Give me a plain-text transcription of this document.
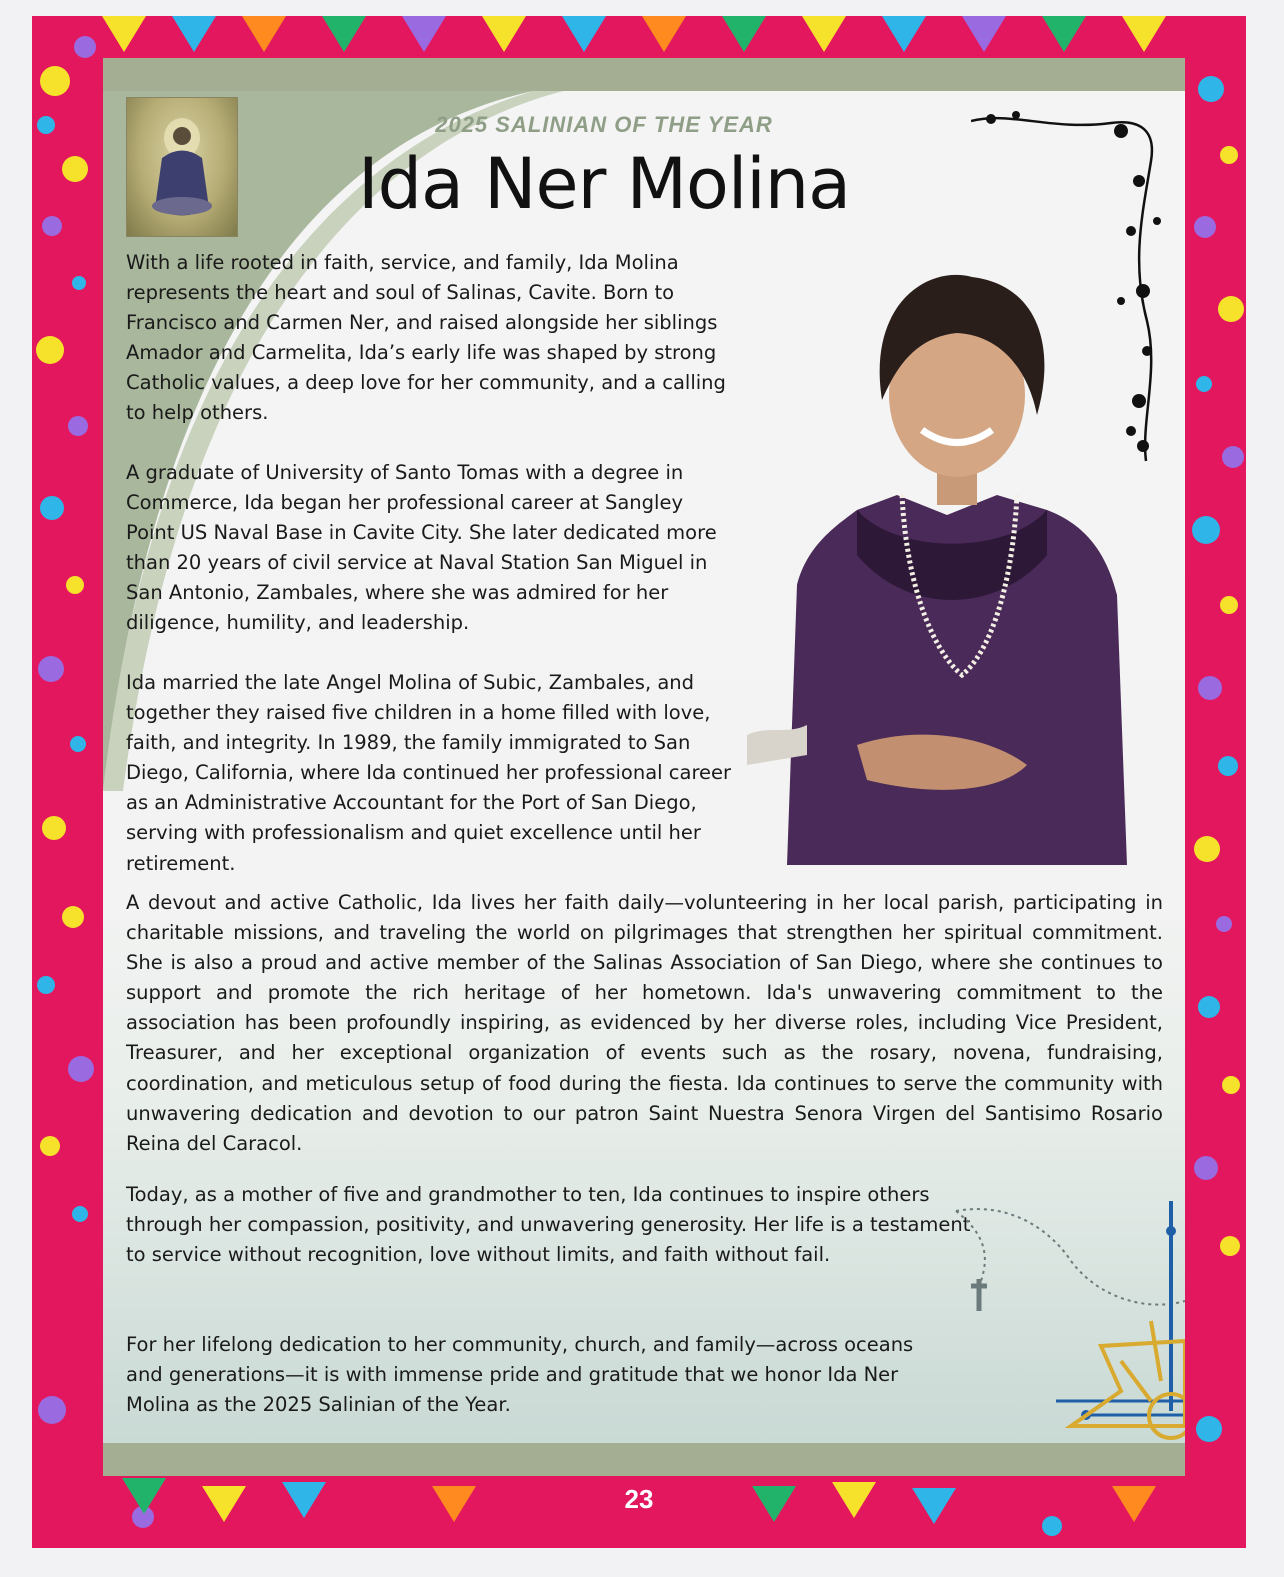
2025 SALINIAN OF THE YEAR
Ida Ner Molina

With a life rooted in faith, service, and family, Ida Molina represents the heart and soul of Salinas, Cavite. Born to Francisco and Carmen Ner, and raised alongside her siblings Amador and Carmelita, Ida’s early life was shaped by strong Catholic values, a deep love for her community, and a calling to help others.

A graduate of University of Santo Tomas with a degree in Commerce, Ida began her professional career at Sangley Point US Naval Base in Cavite City. She later dedicated more than 20 years of civil service at Naval Station San Miguel in San Antonio, Zambales, where she was admired for her diligence, humility, and leadership.

Ida married the late Angel Molina of Subic, Zambales, and together they raised five children in a home filled with love, faith, and integrity. In 1989, the family immigrated to San Diego, California, where Ida continued her professional career as an Administrative Accountant for the Port of San Diego, serving with professionalism and quiet excellence until her retirement.

A devout and active Catholic, Ida lives her faith daily—volunteering in her local parish, participating in charitable missions, and traveling the world on pilgrimages that strengthen her spiritual commitment. She is also a proud and active member of the Salinas Association of San Diego, where she continues to support and promote the rich heritage of her hometown. Ida's unwavering commitment to the association has been profoundly inspiring, as evidenced by her diverse roles, including Vice President, Treasurer, and her exceptional organization of events such as the rosary, novena, fundraising, coordination, and meticulous setup of food during the fiesta. Ida continues to serve the community with unwavering dedication and devotion to our patron Saint Nuestra Senora Virgen del Santisimo Rosario Reina del Caracol.

Today, as a mother of five and grandmother to ten, Ida continues to inspire others through her compassion, positivity, and unwavering generosity. Her life is a testament to service without recognition, love without limits, and faith without fail.

For her lifelong dedication to her community, church, and family—across oceans and generations—it is with immense pride and gratitude that we honor Ida Ner Molina as the 2025 Salinian of the Year.

23
